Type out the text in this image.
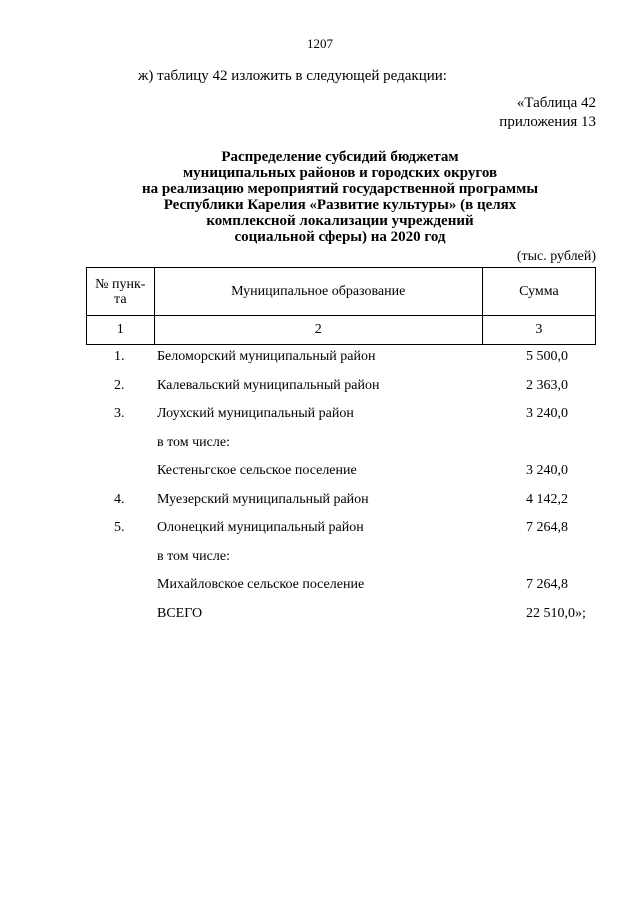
1207
ж) таблицу 42 изложить в следующей редакции:
«Таблица 42
приложения 13
Распределение субсидий бюджетам
муниципальных районов и городских округов
на реализацию мероприятий государственной программы
Республики Карелия «Развитие культуры» (в целях
комплексной локализации учреждений
социальной сферы) на 2020 год
(тыс. рублей)
№ пунк-
та	Муниципальное образование	Сумма
1	2	3
1. Беломорский муниципальный район	5 500,0
2. Калевальский муниципальный район	2 363,0
3. Лоухский муниципальный район	3 240,0
в том числе:
Кестеньгское сельское поселение	3 240,0
4. Муезерский муниципальный район	4 142,2
5. Олонецкий муниципальный район	7 264,8
в том числе:
Михайловское сельское поселение	7 264,8
ВСЕГО	22 510,0»;
